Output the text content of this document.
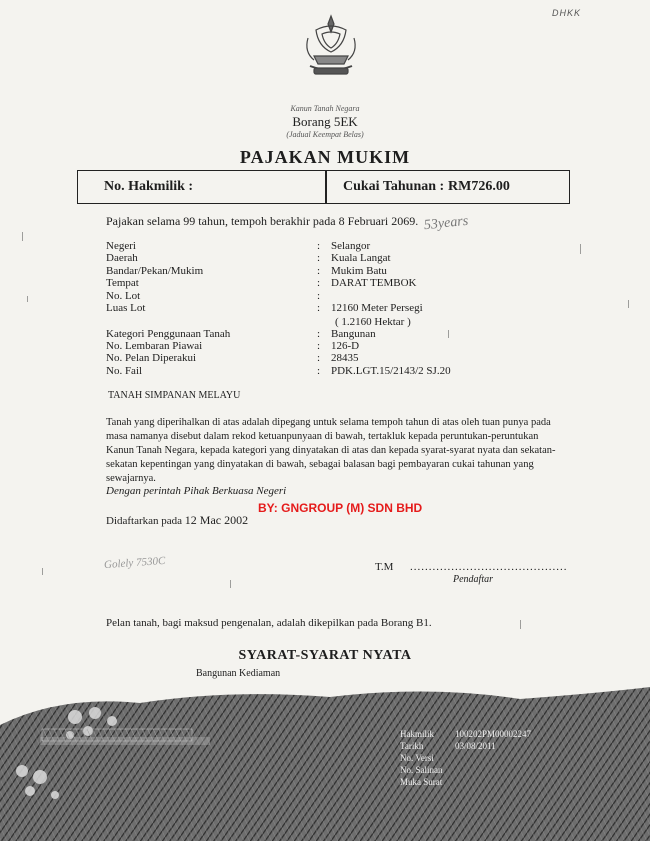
DHKK
Kanun Tanah Negara
Borang 5EK
(Jadual Keempat Belas)
PAJAKAN MUKIM
No. Hakmilik :	Cukai Tahunan : RM726.00
Pajakan selama 99 tahun, tempoh berakhir pada 8 Februari 2069. 53years
Negeri	: Selangor
Daerah	: Kuala Langat
Bandar/Pekan/Mukim	: Mukim Batu
Tempat	: DARAT TEMBOK
No. Lot	:
Luas Lot	: 12160 Meter Persegi
( 1.2160 Hektar )
Kategori Penggunaan Tanah	: Bangunan
No. Lembaran Piawai	: 126-D
No. Pelan Diperakui	: 28435
No. Fail	: PDK.LGT.15/2143/2 SJ.20
TANAH SIMPANAN MELAYU
Tanah yang diperihalkan di atas adalah dipegang untuk selama tempoh tahun di atas oleh tuan punya pada masa namanya disebut dalam rekod ketuanpunyaan di bawah, tertakluk kepada peruntukan-peruntukan Kanun Tanah Negara, kepada kategori yang dinyatakan di atas dan kepada syarat-syarat nyata dan sekatan-sekatan kepentingan yang dinyatakan di bawah, sebagai balasan bagi pembayaran cukai tahunan yang sewajarnya.
Dengan perintah Pihak Berkuasa Negeri
BY: GNGROUP (M) SDN BHD
Didaftarkan pada 12 Mac 2002
Golely 7530C	T.M ..........................................
Pendaftar
Pelan tanah, bagi maksud pengenalan, adalah dikepilkan pada Borang B1.
SYARAT-SYARAT NYATA
Bangunan Kediaman
Hakmilik 100202PM00002247
Tarikh	03/08/2011
No. Versi
No. Salinan
Muka Surat
